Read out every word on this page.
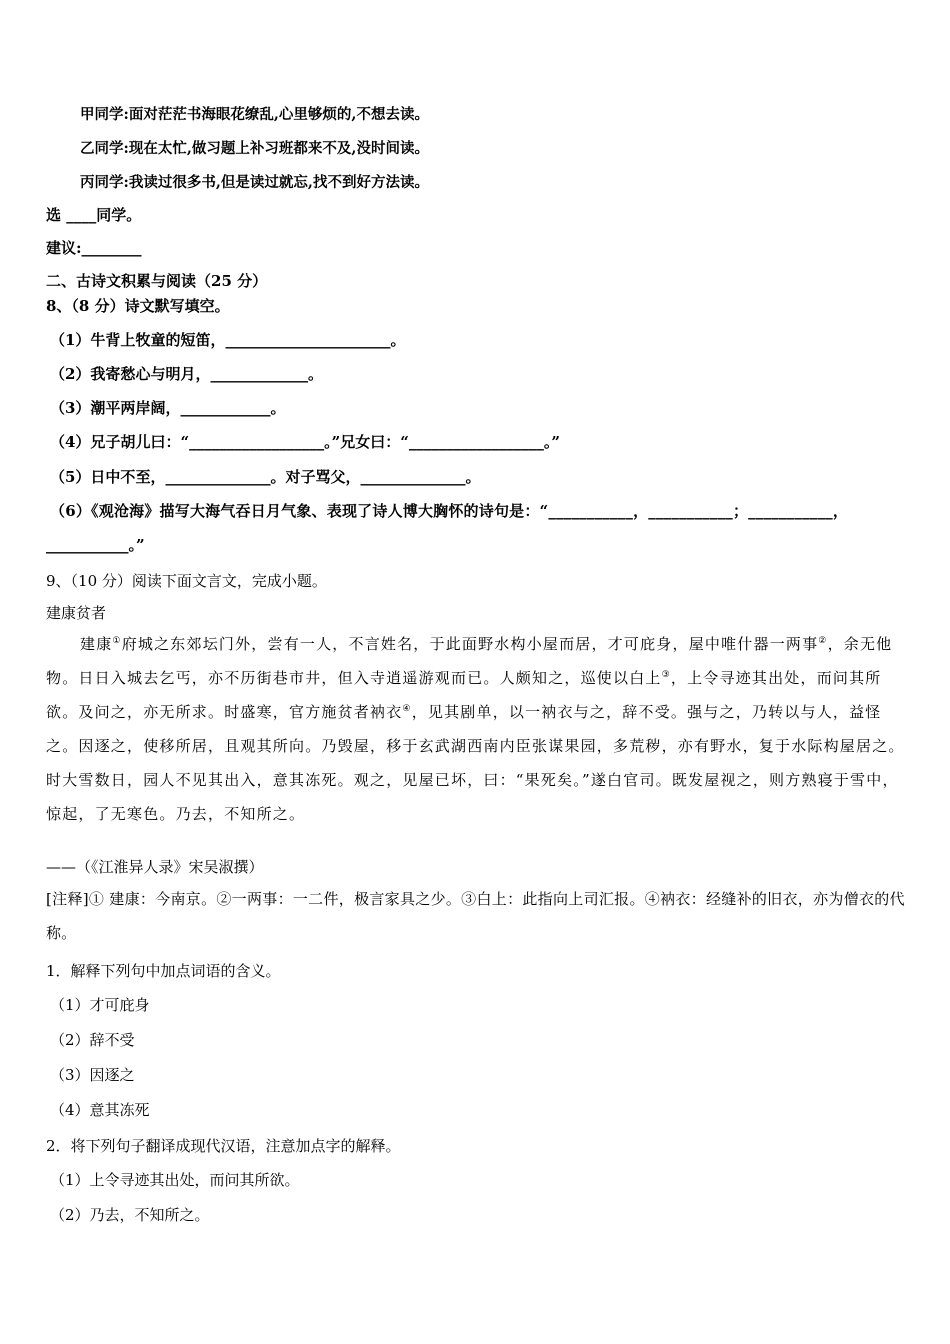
甲同学:面对茫茫书海眼花缭乱,心里够烦的,不想去读。
乙同学:现在太忙,做习题上补习班都来不及,没时间读。
丙同学:我读过很多书,但是读过就忘,找不到好方法读。
选 ____同学。
建议:________
二、古诗文积累与阅读（25 分）
8、（8 分）诗文默写填空。
（1）牛背上牧童的短笛，______________________。
（2）我寄愁心与明月，_____________。
（3）潮平两岸阔，____________。
（4）兄子胡儿曰：“__________________。”兄女曰：“__________________。”
（5）日中不至，______________。对子骂父，______________。
（6）《观沧海》描写大海气吞日月气象、表现了诗人博大胸怀的诗句是：“___________，___________；___________，
___________。”
9、（10 分）阅读下面文言文，完成小题。
建康贫者
建康①府城之东郊坛门外，尝有一人，不言姓名，于此面野水构小屋而居，才可庇身，屋中唯什器一两事②，余无他物。日日入城去乞丐，亦不历街巷市井，但入寺逍遥游观而已。人颇知之，巡使以白上③，上令寻迹其出处，而问其所欲。及问之，亦无所求。时盛寒，官方施贫者衲衣④，见其剧单，以一衲衣与之，辞不受。强与之，乃转以与人，益怪之。因逐之，使移所居，且观其所向。乃毁屋，移于玄武湖西南内臣张谋果园，多荒秽，亦有野水，复于水际构屋居之。时大雪数日，园人不见其出入，意其冻死。观之，见屋已坏，曰：“果死矣。”遂白官司。既发屋视之，则方熟寝于雪中，惊起，了无寒色。乃去，不知所之。
——（《江淮异人录》宋吴淑撰）
[注释]① 建康：今南京。②一两事：一二件，极言家具之少。③白上：此指向上司汇报。④衲衣：经缝补的旧衣，亦为僧衣的代称。
1．解释下列句中加点词语的含义。
（1）才可庇身
（2）辞不受
（3）因逐之
（4）意其冻死
2．将下列句子翻译成现代汉语，注意加点字的解释。
（1）上令寻迹其出处，而问其所欲。
（2）乃去，不知所之。
